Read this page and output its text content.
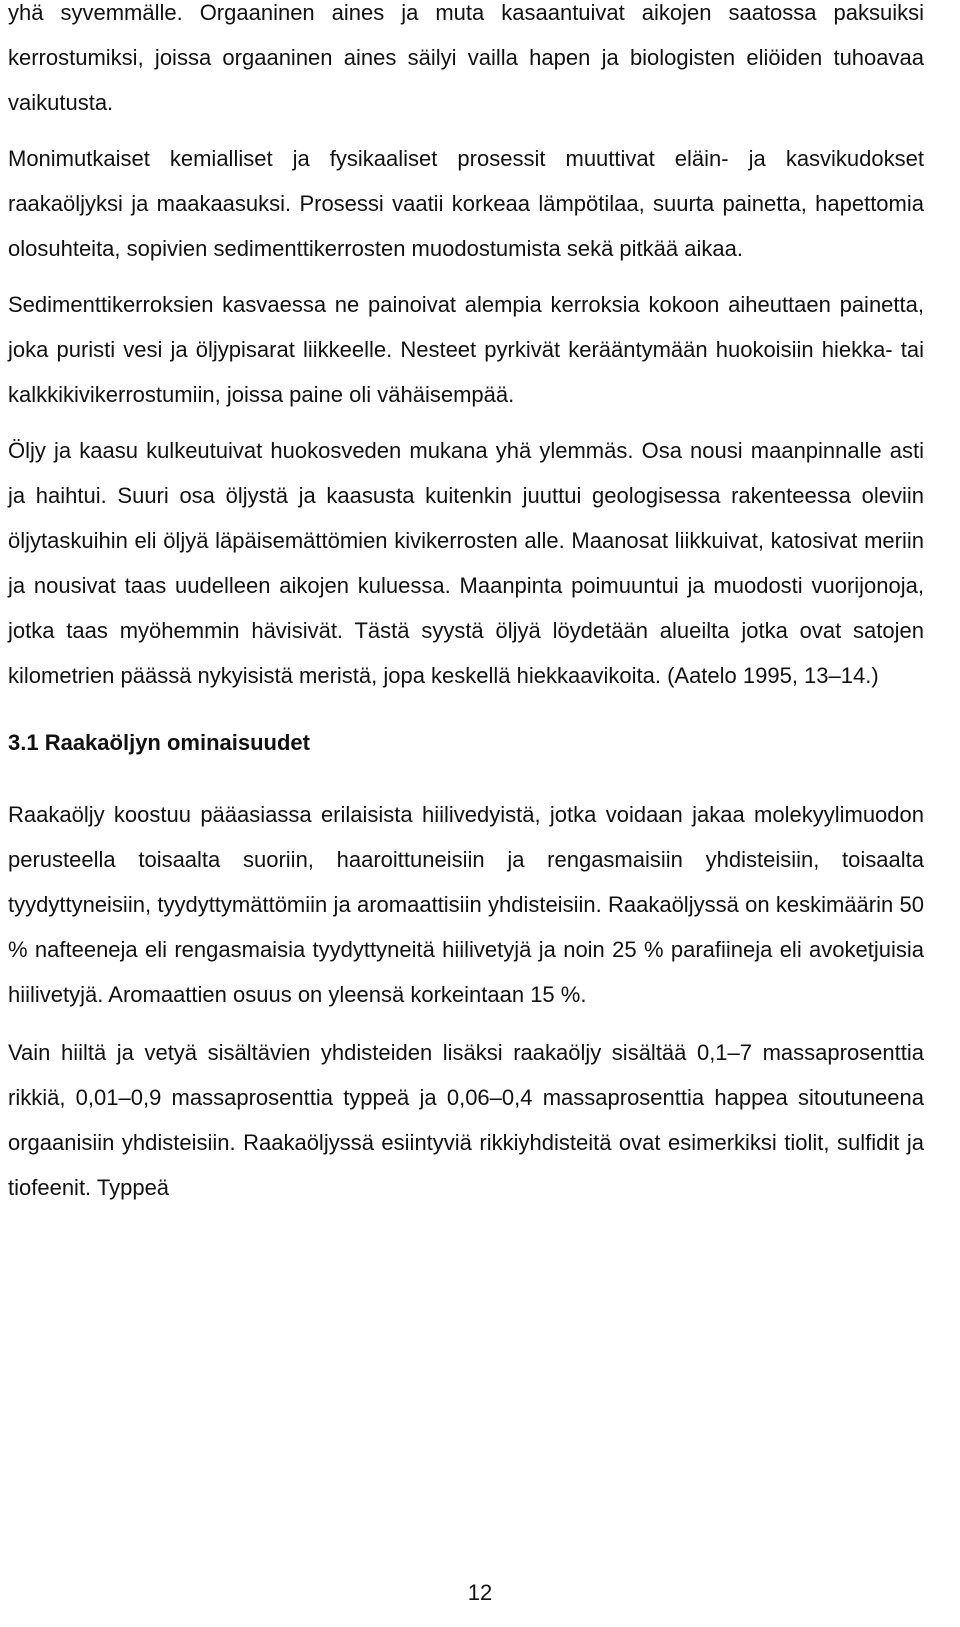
yhä syvemmälle. Orgaaninen aines ja muta kasaantuivat aikojen saatossa paksuiksi kerrostumiksi, joissa orgaaninen aines säilyi vailla hapen ja biologisten eliöiden tuhoavaa vaikutusta.

Monimutkaiset kemialliset ja fysikaaliset prosessit muuttivat eläin- ja kasvikudokset raakaöljyksi ja maakaasuksi. Prosessi vaatii korkeaa lämpötilaa, suurta painetta, hapettomia olosuhteita, sopivien sedimenttikerrosten muodostumista sekä pitkää aikaa.

Sedimenttikerroksien kasvaessa ne painoivat alempia kerroksia kokoon aiheuttaen painetta, joka puristi vesi ja öljypisarat liikkeelle. Nesteet pyrkivät kerääntymään huokoisiin hiekka- tai kalkkikivikerrostumiin, joissa paine oli vähäisempää.

Öljy ja kaasu kulkeutuivat huokosveden mukana yhä ylemmäs. Osa nousi maanpinnalle asti ja haihtui. Suuri osa öljystä ja kaasusta kuitenkin juuttui geologisessa rakenteessa oleviin öljytaskuihin eli öljyä läpäisemättömien kivikerrosten alle. Maanosat liikkuivat, katosivat meriin ja nousivat taas uudelleen aikojen kuluessa. Maanpinta poimuuntui ja muodosti vuorijonoja, jotka taas myöhemmin hävisivät. Tästä syystä öljyä löydetään alueilta jotka ovat satojen kilometrien päässä nykyisistä meristä, jopa keskellä hiekkaavikoita. (Aatelo 1995, 13–14.)

3.1 Raakaöljyn ominaisuudet

Raakaöljy koostuu pääasiassa erilaisista hiilivedyistä, jotka voidaan jakaa molekyylimuodon perusteella toisaalta suoriin, haaroittuneisiin ja rengasmaisiin yhdisteisiin, toisaalta tyydyttyneisiin, tyydyttymättömiin ja aromaattisiin yhdisteisiin. Raakaöljyssä on keskimäärin 50 % nafteeneja eli rengasmaisia tyydyttyneitä hiilivetyjä ja noin 25 % parafiineja eli avoketjuisia hiilivetyjä. Aromaattien osuus on yleensä korkeintaan 15 %.

Vain hiiltä ja vetyä sisältävien yhdisteiden lisäksi raakaöljy sisältää 0,1–7 massaprosenttia rikkiä, 0,01–0,9 massaprosenttia typpeä ja 0,06–0,4 massaprosenttia happea sitoutuneena orgaanisiin yhdisteisiin. Raakaöljyssä esiintyviä rikkiyhdisteitä ovat esimerkiksi tiolit, sulfidit ja tiofeenit. Typpeä

12
